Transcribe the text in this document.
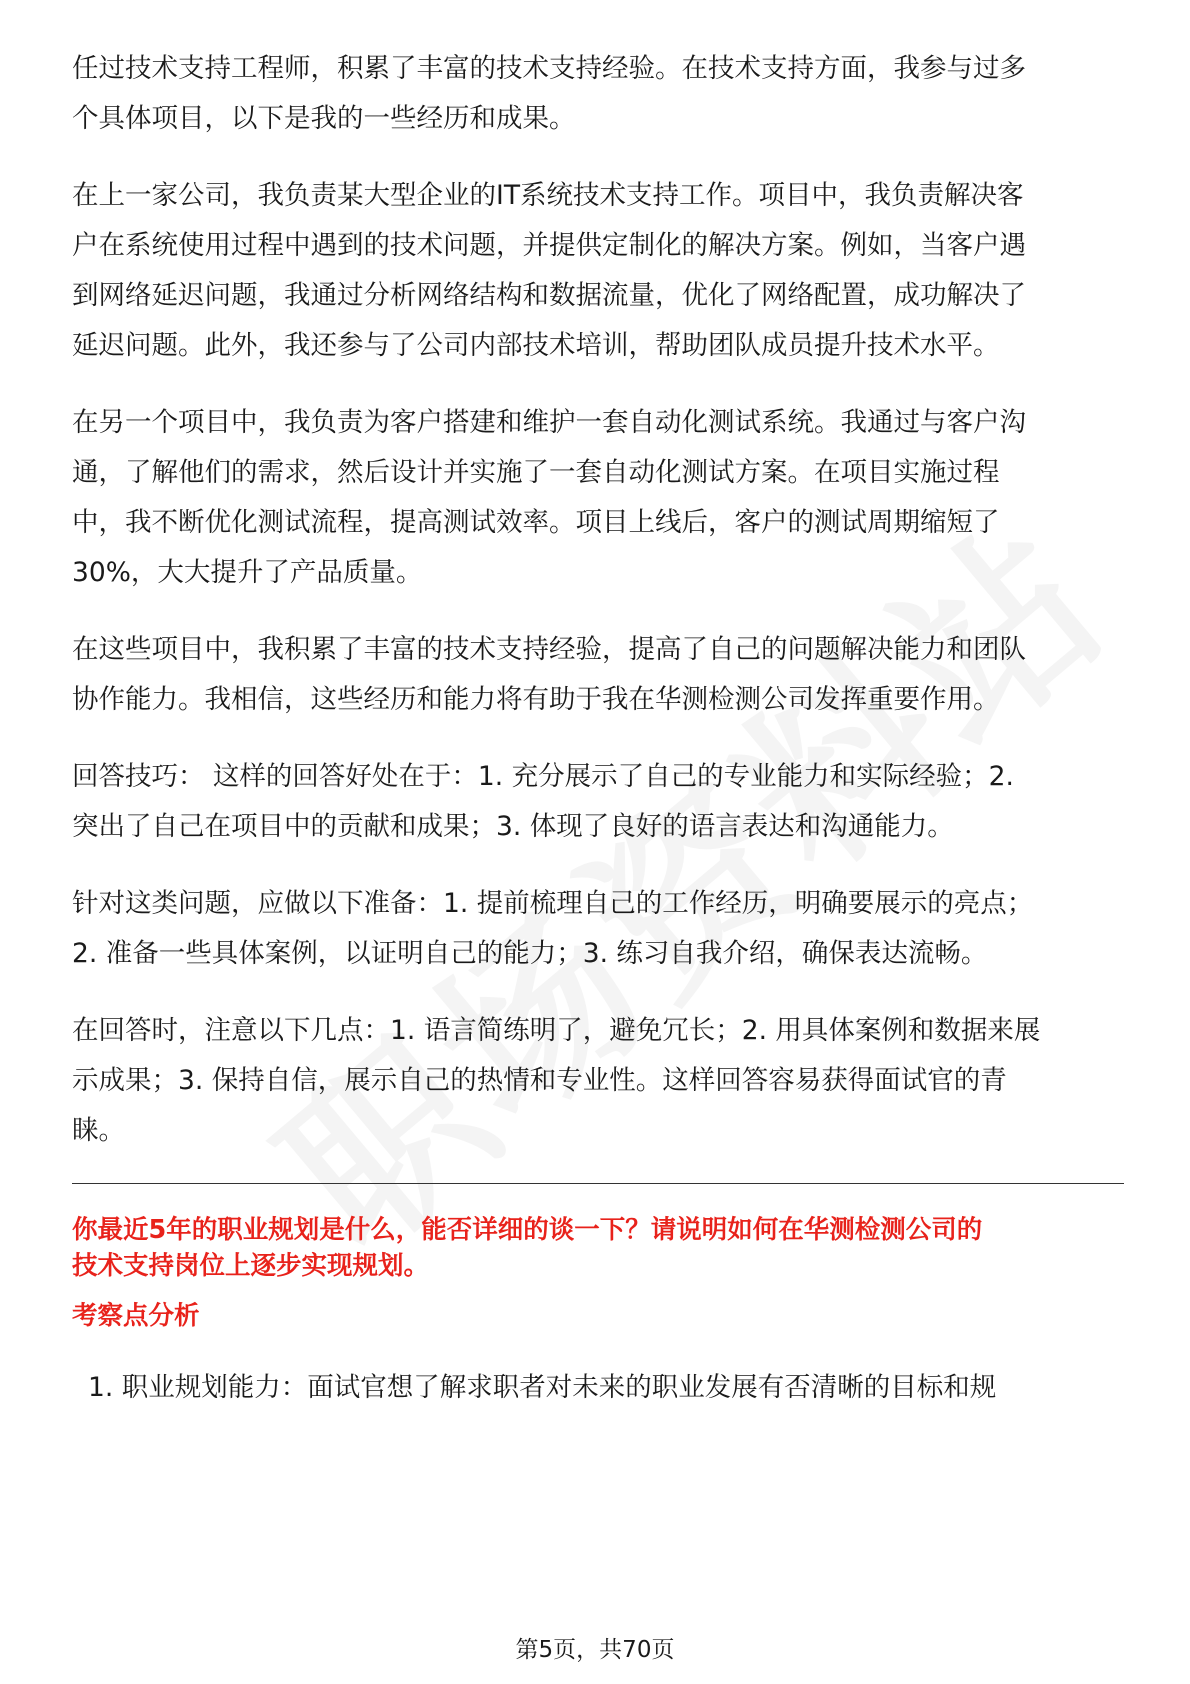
任过技术支持工程师，积累了丰富的技术支持经验。在技术支持方面，我参与过多
个具体项目，以下是我的一些经历和成果。

在上一家公司，我负责某大型企业的IT系统技术支持工作。项目中，我负责解决客
户在系统使用过程中遇到的技术问题，并提供定制化的解决方案。例如，当客户遇
到网络延迟问题，我通过分析网络结构和数据流量，优化了网络配置，成功解决了
延迟问题。此外，我还参与了公司内部技术培训，帮助团队成员提升技术水平。

在另一个项目中，我负责为客户搭建和维护一套自动化测试系统。我通过与客户沟
通，了解他们的需求，然后设计并实施了一套自动化测试方案。在项目实施过程
中，我不断优化测试流程，提高测试效率。项目上线后，客户的测试周期缩短了
30%，大大提升了产品质量。

在这些项目中，我积累了丰富的技术支持经验，提高了自己的问题解决能力和团队
协作能力。我相信，这些经历和能力将有助于我在华测检测公司发挥重要作用。

回答技巧： 这样的回答好处在于：1. 充分展示了自己的专业能力和实际经验；2.
突出了自己在项目中的贡献和成果；3. 体现了良好的语言表达和沟通能力。

针对这类问题，应做以下准备：1. 提前梳理自己的工作经历，明确要展示的亮点；
2. 准备一些具体案例，以证明自己的能力；3. 练习自我介绍，确保表达流畅。

在回答时，注意以下几点：1. 语言简练明了，避免冗长；2. 用具体案例和数据来展
示成果；3. 保持自信，展示自己的热情和专业性。这样回答容易获得面试官的青
睐。

你最近5年的职业规划是什么，能否详细的谈一下？请说明如何在华测检测公司的
技术支持岗位上逐步实现规划。

考察点分析

1. 职业规划能力：面试官想了解求职者对未来的职业发展有否清晰的目标和规

第5页，共70页
